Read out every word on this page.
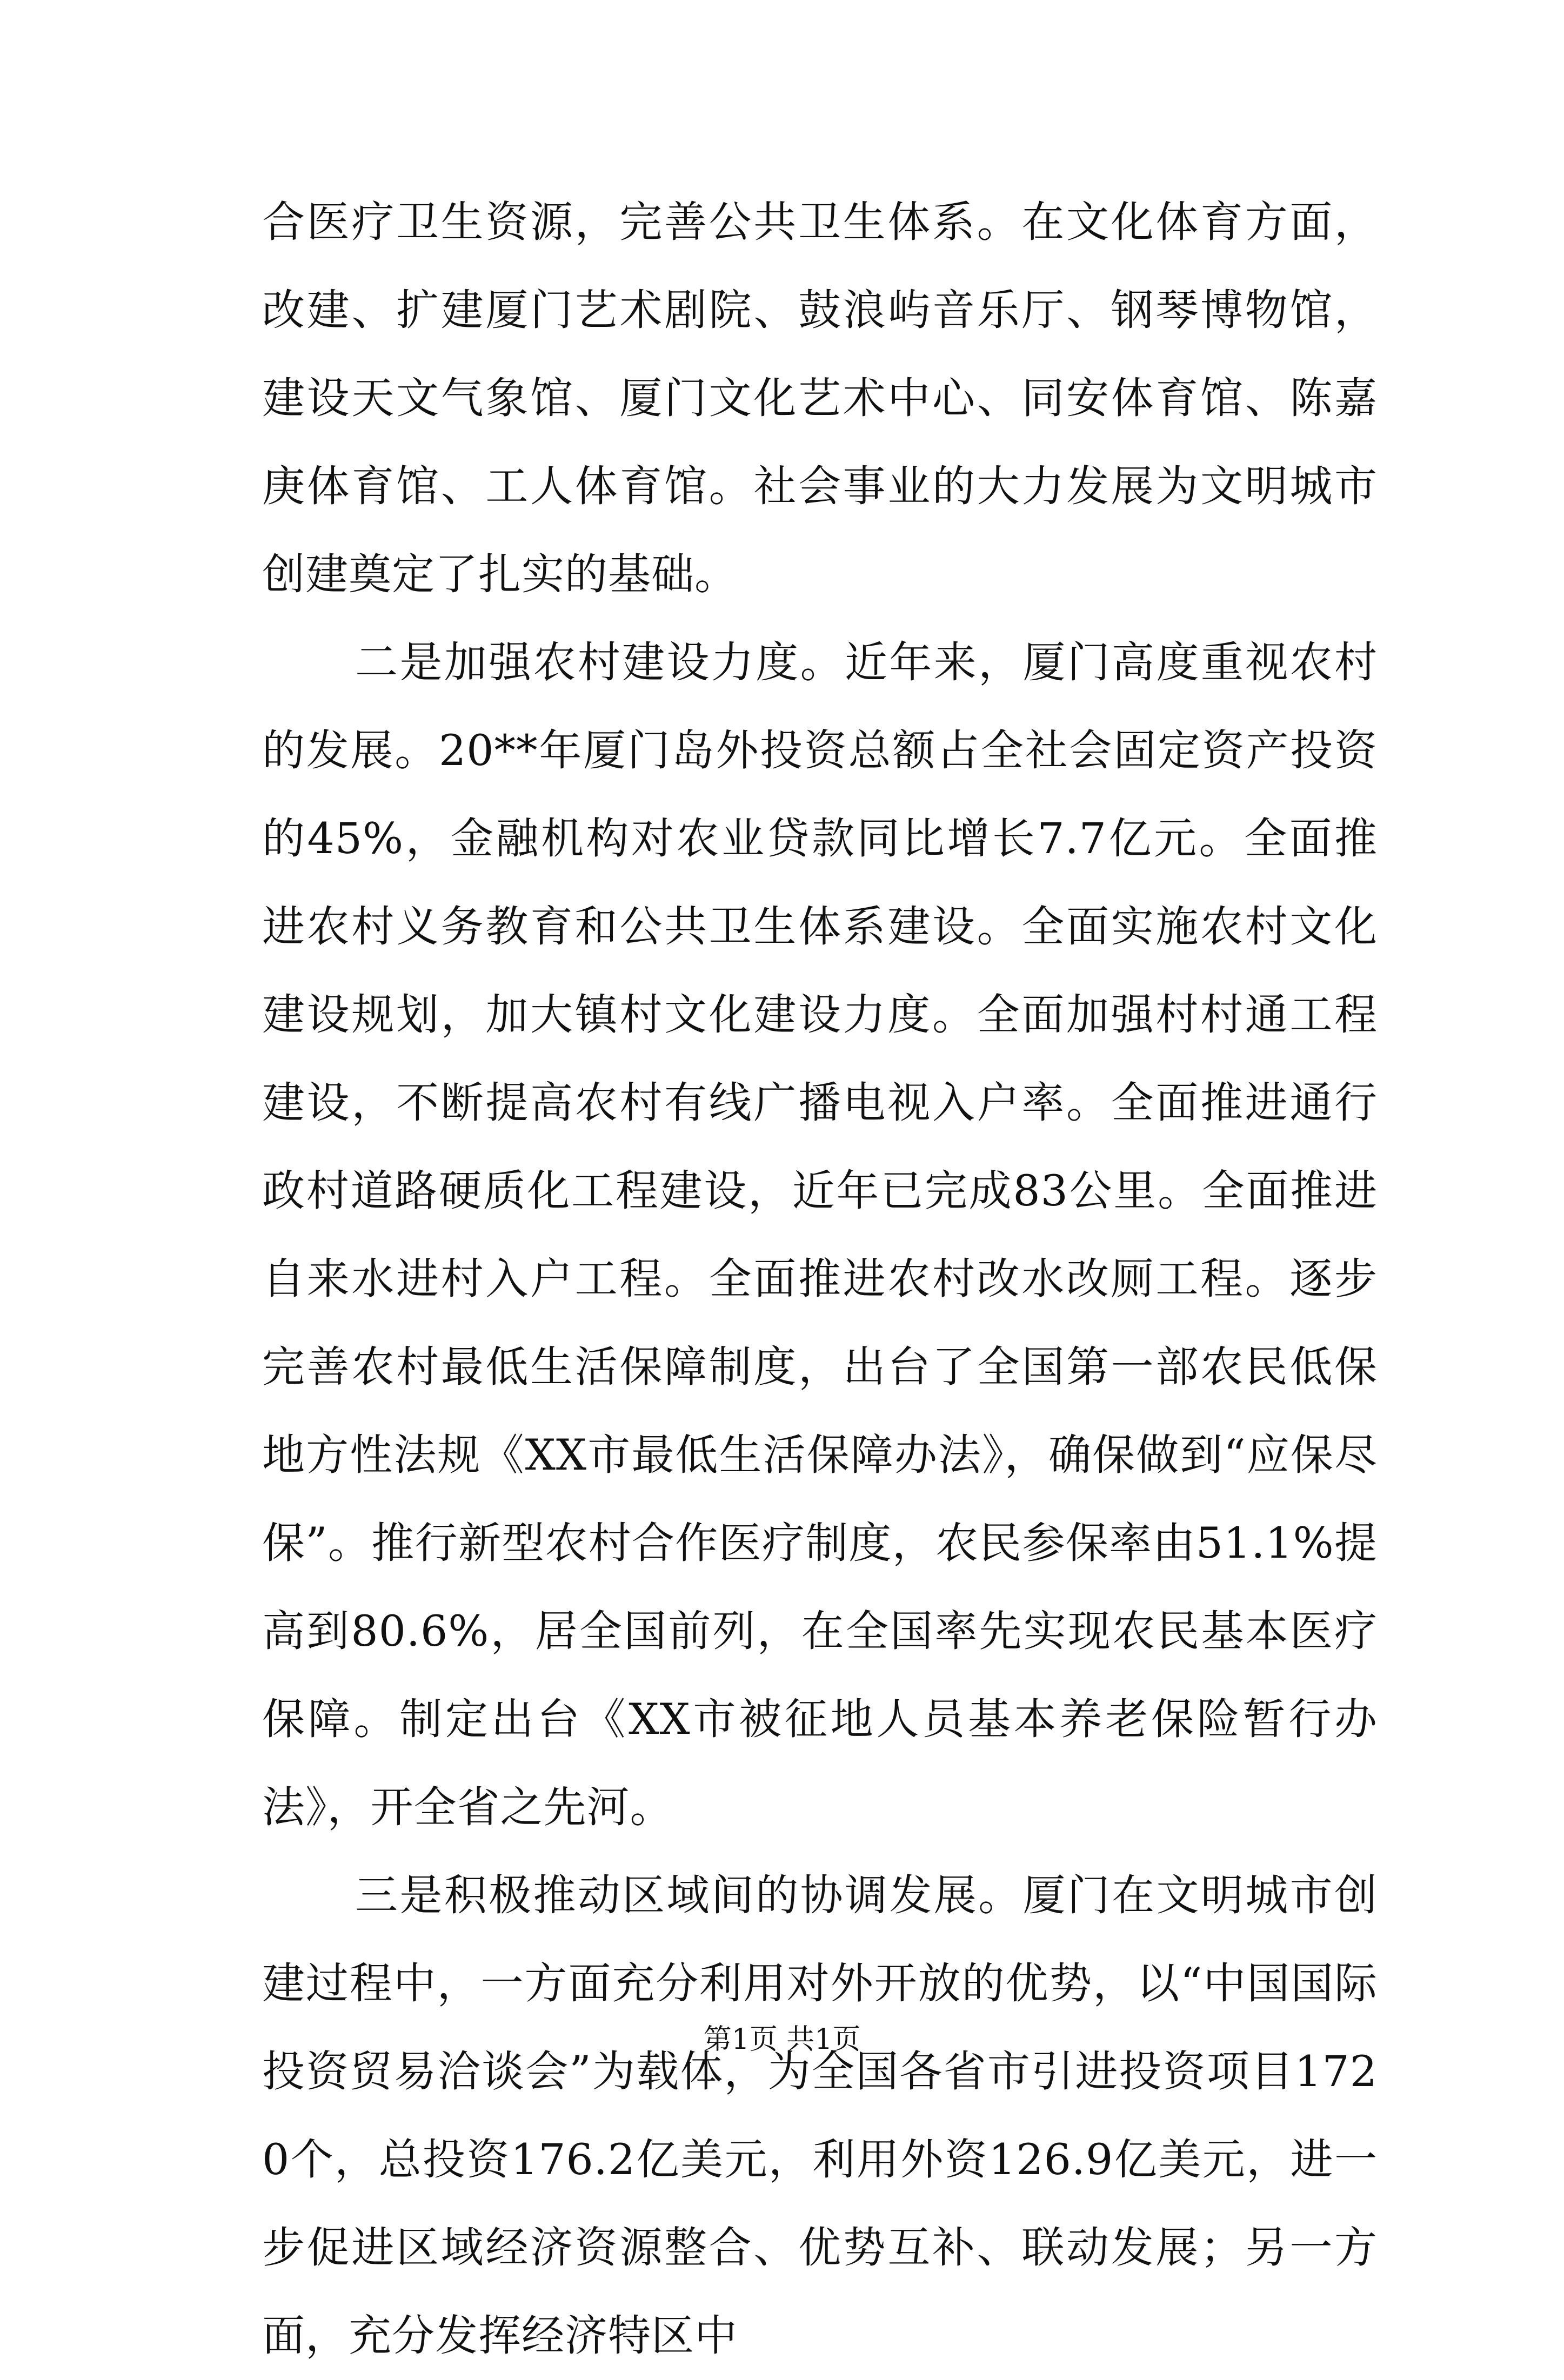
合医疗卫生资源，完善公共卫生体系。在文化体育方面，改建、扩建厦门艺术剧院、鼓浪屿音乐厅、钢琴博物馆，建设天文气象馆、厦门文化艺术中心、同安体育馆、陈嘉庚体育馆、工人体育馆。社会事业的大力发展为文明城市创建奠定了扎实的基础。

二是加强农村建设力度。近年来，厦门高度重视农村的发展。20**年厦门岛外投资总额占全社会固定资产投资的45%，金融机构对农业贷款同比增长7.7亿元。全面推进农村义务教育和公共卫生体系建设。全面实施农村文化建设规划，加大镇村文化建设力度。全面加强村村通工程建设，不断提高农村有线广播电视入户率。全面推进通行政村道路硬质化工程建设，近年已完成83公里。全面推进自来水进村入户工程。全面推进农村改水改厕工程。逐步完善农村最低生活保障制度，出台了全国第一部农民低保地方性法规《XX市最低生活保障办法》，确保做到“应保尽保”。推行新型农村合作医疗制度，农民参保率由51.1%提高到80.6%，居全国前列，在全国率先实现农民基本医疗保障。制定出台《XX市被征地人员基本养老保险暂行办法》，开全省之先河。

三是积极推动区域间的协调发展。厦门在文明城市创建过程中，一方面充分利用对外开放的优势，以“中国国际投资贸易洽谈会”为载体，为全国各省市引进投资项目1720个，总投资176.2亿美元，利用外资126.9亿美元，进一步促进区域经济资源整合、优势互补、联动发展；另一方面，充分发挥经济特区中

第1页 共1页
